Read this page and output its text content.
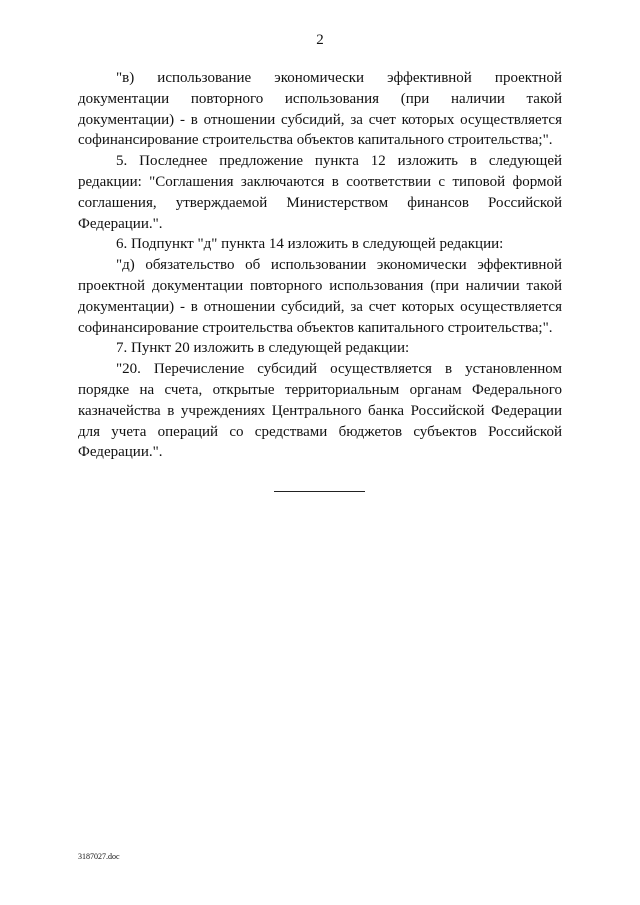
2

"в) использование экономически эффективной проектной документации повторного использования (при наличии такой документации) - в отношении субсидий, за счет которых осуществляется софинансирование строительства объектов капитального строительства;".

5. Последнее предложение пункта 12 изложить в следующей редакции: "Соглашения заключаются в соответствии с типовой формой соглашения, утверждаемой Министерством финансов Российской Федерации.".

6. Подпункт "д" пункта 14 изложить в следующей редакции:

"д) обязательство об использовании экономически эффективной проектной документации повторного использования (при наличии такой документации) - в отношении субсидий, за счет которых осуществляется софинансирование строительства объектов капитального строительства;".

7. Пункт 20 изложить в следующей редакции:

"20. Перечисление субсидий осуществляется в установленном порядке на счета, открытые территориальным органам Федерального казначейства в учреждениях Центрального банка Российской Федерации для учета операций со средствами бюджетов субъектов Российской Федерации.".

3187027.doc
